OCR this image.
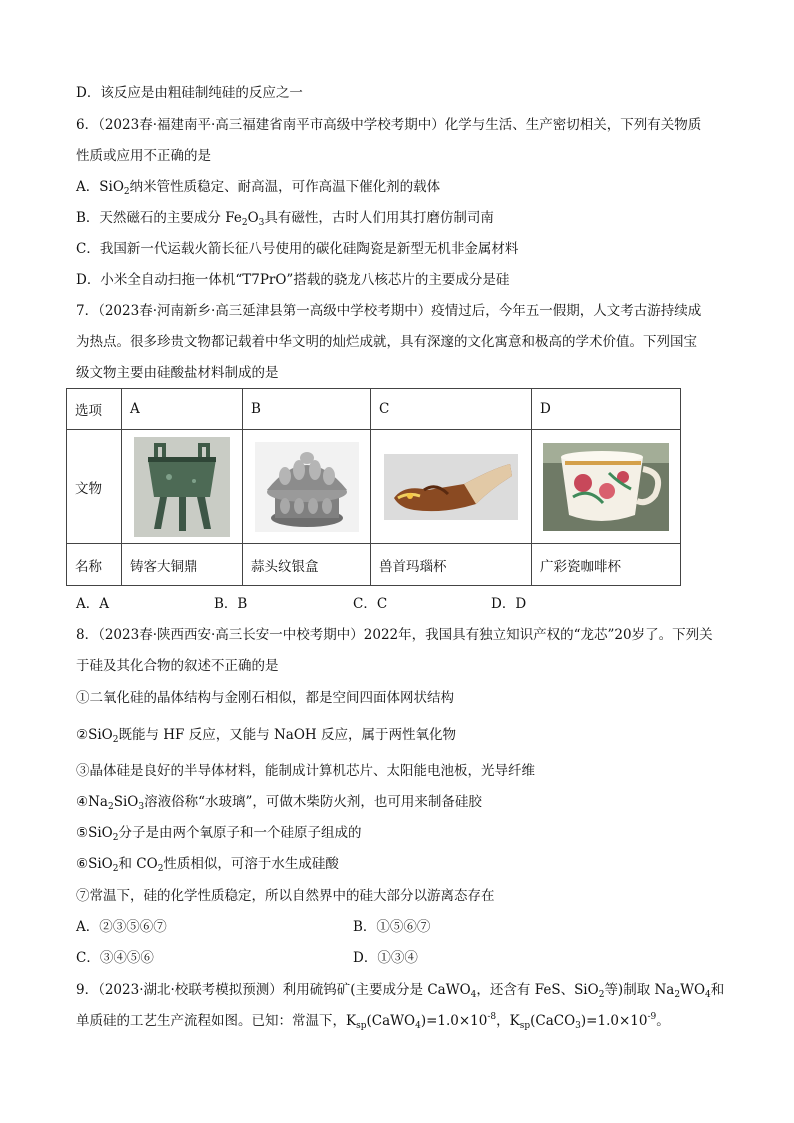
D．该反应是由粗硅制纯硅的反应之一
6．（2023春·福建南平·高三福建省南平市高级中学校考期中）化学与生活、生产密切相关，下列有关物质
性质或应用不正确的是
A．SiO$_2$纳米管性质稳定、耐高温，可作高温下催化剂的载体
B．天然磁石的主要成分 $Fe_2O_3$具有磁性，古时人们用其打磨仿制司南
C．我国新一代运载火箭长征八号使用的碳化硅陶瓷是新型无机非金属材料
D．小米全自动扫拖一体机“T7PrO”搭载的骁龙八核芯片的主要成分是硅
7．（2023春·河南新乡·高三延津县第一高级中学校考期中）疫情过后，今年五一假期，人文考古游持续成
为热点。很多珍贵文物都记载着中华文明的灿烂成就，具有深邃的文化寓意和极高的学术价值。下列国宝
级文物主要由硅酸盐材料制成的是
选项	A	B	C	D
文物	

名称	铸客大铜鼎	蒜头纹银盒	兽首玛瑙杯	广彩瓷咖啡杯
A．A	B．B	C．C	D．D
8．（2023春·陕西西安·高三长安一中校考期中）2022年，我国具有独立知识产权的“龙芯”20岁了。下列关
于硅及其化合物的叙述不正确的是
①二氧化硅的晶体结构与金刚石相似，都是空间四面体网状结构
②SiO$_2$既能与 HF 反应，又能与 NaOH 反应，属于两性氧化物
③晶体硅是良好的半导体材料，能制成计算机芯片、太阳能电池板，光导纤维
$④Na_2SiO_3$溶液俗称“水玻璃”，可做木柴防火剂，也可用来制备硅胶
⑤SiO$_2$分子是由两个氧原子和一个硅原子组成的
⑥SiO$_2$和 $CO_2$性质相似，可溶于水生成硅酸
⑦常温下，硅的化学性质稳定，所以自然界中的硅大部分以游离态存在
A．②③⑤⑥⑦	B．①⑤⑥⑦
C．③④⑤⑥	D．①③④
9．（2023·湖北·校联考模拟预测）利用硫钨矿(主要成分是 CaWO$_4$，还含有 FeS、SiO$_2$等)制取 $Na_2WO_4$和
单质硅的工艺生产流程如图。已知：常温下，$K_{sp}(CaWO_4)=1.0\times 10^{-8}$，$K_{sp}(CaCO_3)=1.0\times 10^{-9}$。
